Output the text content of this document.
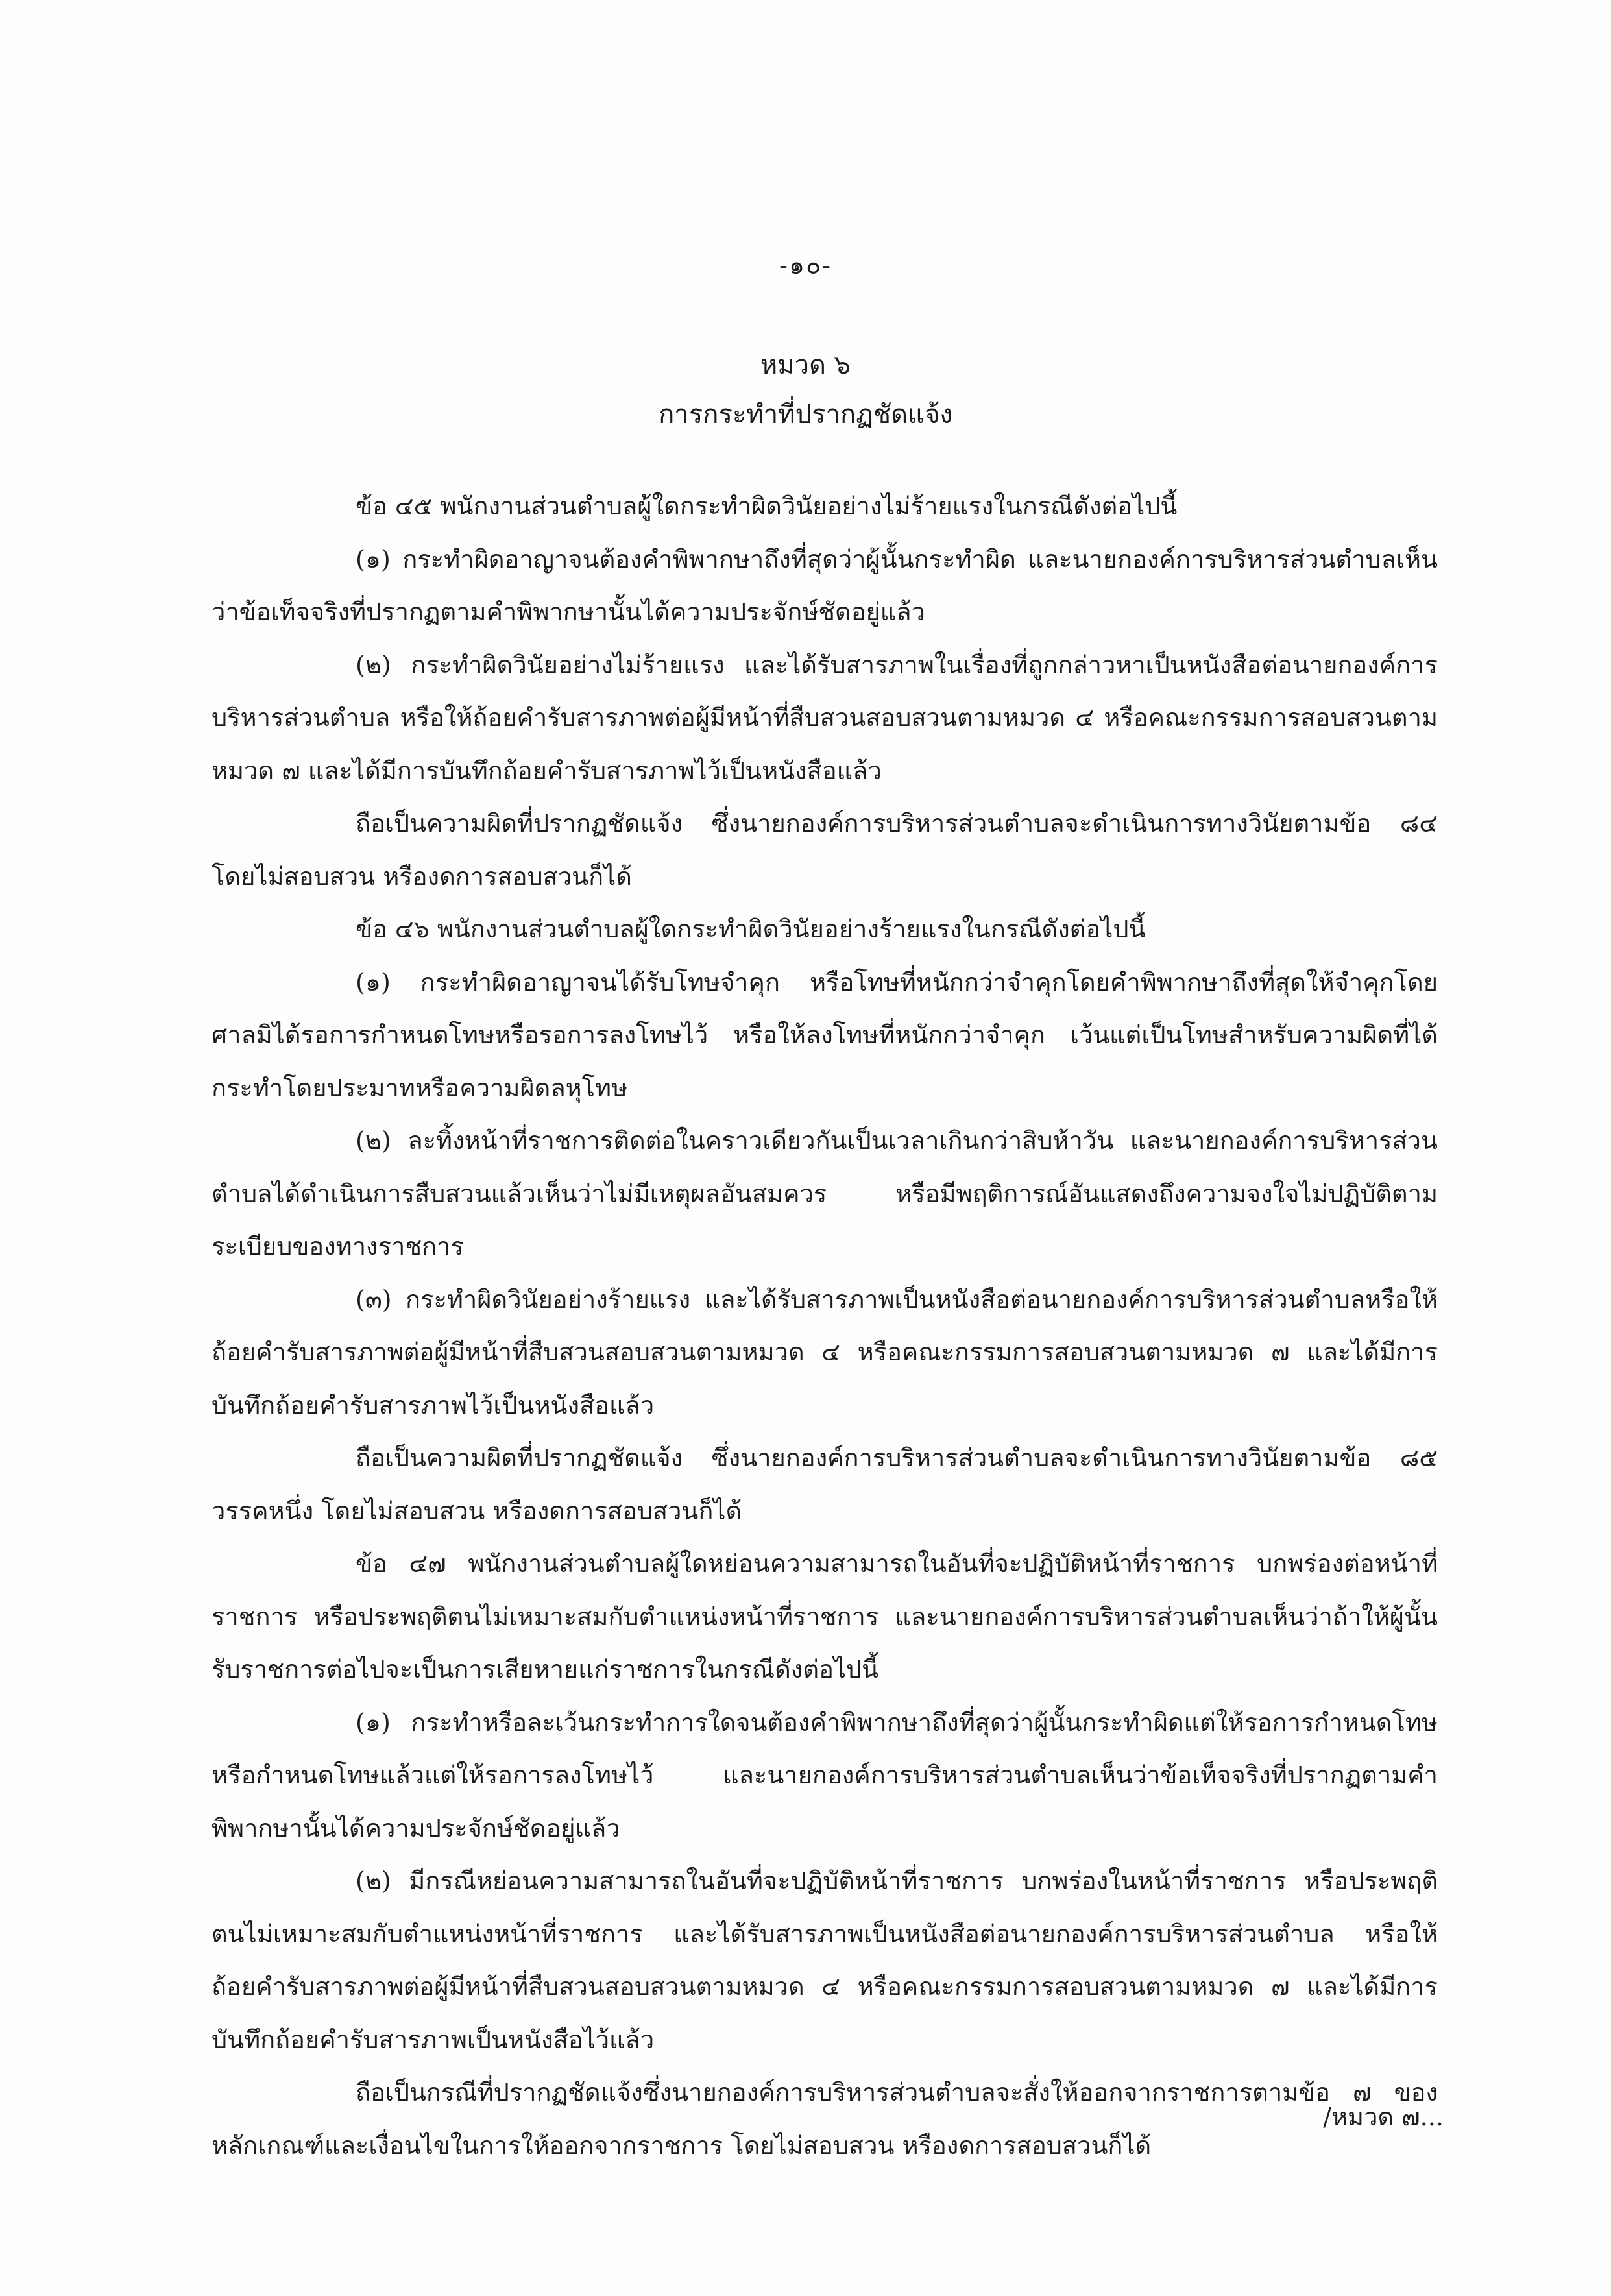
-๑๐-
หมวด ๖
การกระทำที่ปรากฏชัดแจ้ง

ข้อ ๔๕ พนักงานส่วนตำบลผู้ใดกระทำผิดวินัยอย่างไม่ร้ายแรงในกรณีดังต่อไปนี้

(๑) กระทำผิดอาญาจนต้องคำพิพากษาถึงที่สุดว่าผู้นั้นกระทำผิด และนายกองค์การบริหารส่วนตำบลเห็นว่าข้อเท็จจริงที่ปรากฏตามคำพิพากษานั้นได้ความประจักษ์ชัดอยู่แล้ว

(๒) กระทำผิดวินัยอย่างไม่ร้ายแรง และได้รับสารภาพในเรื่องที่ถูกกล่าวหาเป็นหนังสือต่อนายกองค์การบริหารส่วนตำบล หรือให้ถ้อยคำรับสารภาพต่อผู้มีหน้าที่สืบสวนสอบสวนตามหมวด ๔ หรือคณะกรรมการสอบสวนตามหมวด ๗ และได้มีการบันทึกถ้อยคำรับสารภาพไว้เป็นหนังสือแล้ว

ถือเป็นความผิดที่ปรากฏชัดแจ้ง ซึ่งนายกองค์การบริหารส่วนตำบลจะดำเนินการทางวินัยตามข้อ ๘๔ โดยไม่สอบสวน หรืองดการสอบสวนก็ได้

ข้อ ๔๖ พนักงานส่วนตำบลผู้ใดกระทำผิดวินัยอย่างร้ายแรงในกรณีดังต่อไปนี้

(๑) กระทำผิดอาญาจนได้รับโทษจำคุก หรือโทษที่หนักกว่าจำคุกโดยคำพิพากษาถึงที่สุดให้จำคุกโดยศาลมิได้รอการกำหนดโทษหรือรอการลงโทษไว้ หรือให้ลงโทษที่หนักกว่าจำคุก เว้นแต่เป็นโทษสำหรับความผิดที่ได้กระทำโดยประมาทหรือความผิดลหุโทษ

(๒) ละทิ้งหน้าที่ราชการติดต่อในคราวเดียวกันเป็นเวลาเกินกว่าสิบห้าวัน และนายกองค์การบริหารส่วนตำบลได้ดำเนินการสืบสวนแล้วเห็นว่าไม่มีเหตุผลอันสมควร หรือมีพฤติการณ์อันแสดงถึงความจงใจไม่ปฏิบัติตามระเบียบของทางราชการ

(๓) กระทำผิดวินัยอย่างร้ายแรง และได้รับสารภาพเป็นหนังสือต่อนายกองค์การบริหารส่วนตำบลหรือให้ถ้อยคำรับสารภาพต่อผู้มีหน้าที่สืบสวนสอบสวนตามหมวด ๔ หรือคณะกรรมการสอบสวนตามหมวด ๗ และได้มีการบันทึกถ้อยคำรับสารภาพไว้เป็นหนังสือแล้ว

ถือเป็นความผิดที่ปรากฏชัดแจ้ง ซึ่งนายกองค์การบริหารส่วนตำบลจะดำเนินการทางวินัยตามข้อ ๘๕ วรรคหนึ่ง โดยไม่สอบสวน หรืองดการสอบสวนก็ได้

ข้อ ๔๗ พนักงานส่วนตำบลผู้ใดหย่อนความสามารถในอันที่จะปฏิบัติหน้าที่ราชการ บกพร่องต่อหน้าที่ราชการ หรือประพฤติตนไม่เหมาะสมกับตำแหน่งหน้าที่ราชการ และนายกองค์การบริหารส่วนตำบลเห็นว่าถ้าให้ผู้นั้นรับราชการต่อไปจะเป็นการเสียหายแก่ราชการในกรณีดังต่อไปนี้

(๑) กระทำหรือละเว้นกระทำการใดจนต้องคำพิพากษาถึงที่สุดว่าผู้นั้นกระทำผิดแต่ให้รอการกำหนดโทษ หรือกำหนดโทษแล้วแต่ให้รอการลงโทษไว้ และนายกองค์การบริหารส่วนตำบลเห็นว่าข้อเท็จจริงที่ปรากฏตามคำพิพากษานั้นได้ความประจักษ์ชัดอยู่แล้ว

(๒) มีกรณีหย่อนความสามารถในอันที่จะปฏิบัติหน้าที่ราชการ บกพร่องในหน้าที่ราชการ หรือประพฤติตนไม่เหมาะสมกับตำแหน่งหน้าที่ราชการ และได้รับสารภาพเป็นหนังสือต่อนายกองค์การบริหารส่วนตำบล หรือให้ถ้อยคำรับสารภาพต่อผู้มีหน้าที่สืบสวนสอบสวนตามหมวด ๔ หรือคณะกรรมการสอบสวนตามหมวด ๗ และได้มีการบันทึกถ้อยคำรับสารภาพเป็นหนังสือไว้แล้ว

ถือเป็นกรณีที่ปรากฏชัดแจ้งซึ่งนายกองค์การบริหารส่วนตำบลจะสั่งให้ออกจากราชการตามข้อ ๗ ของหลักเกณฑ์และเงื่อนไขในการให้ออกจากราชการ โดยไม่สอบสวน หรืองดการสอบสวนก็ได้

/หมวด ๗...
